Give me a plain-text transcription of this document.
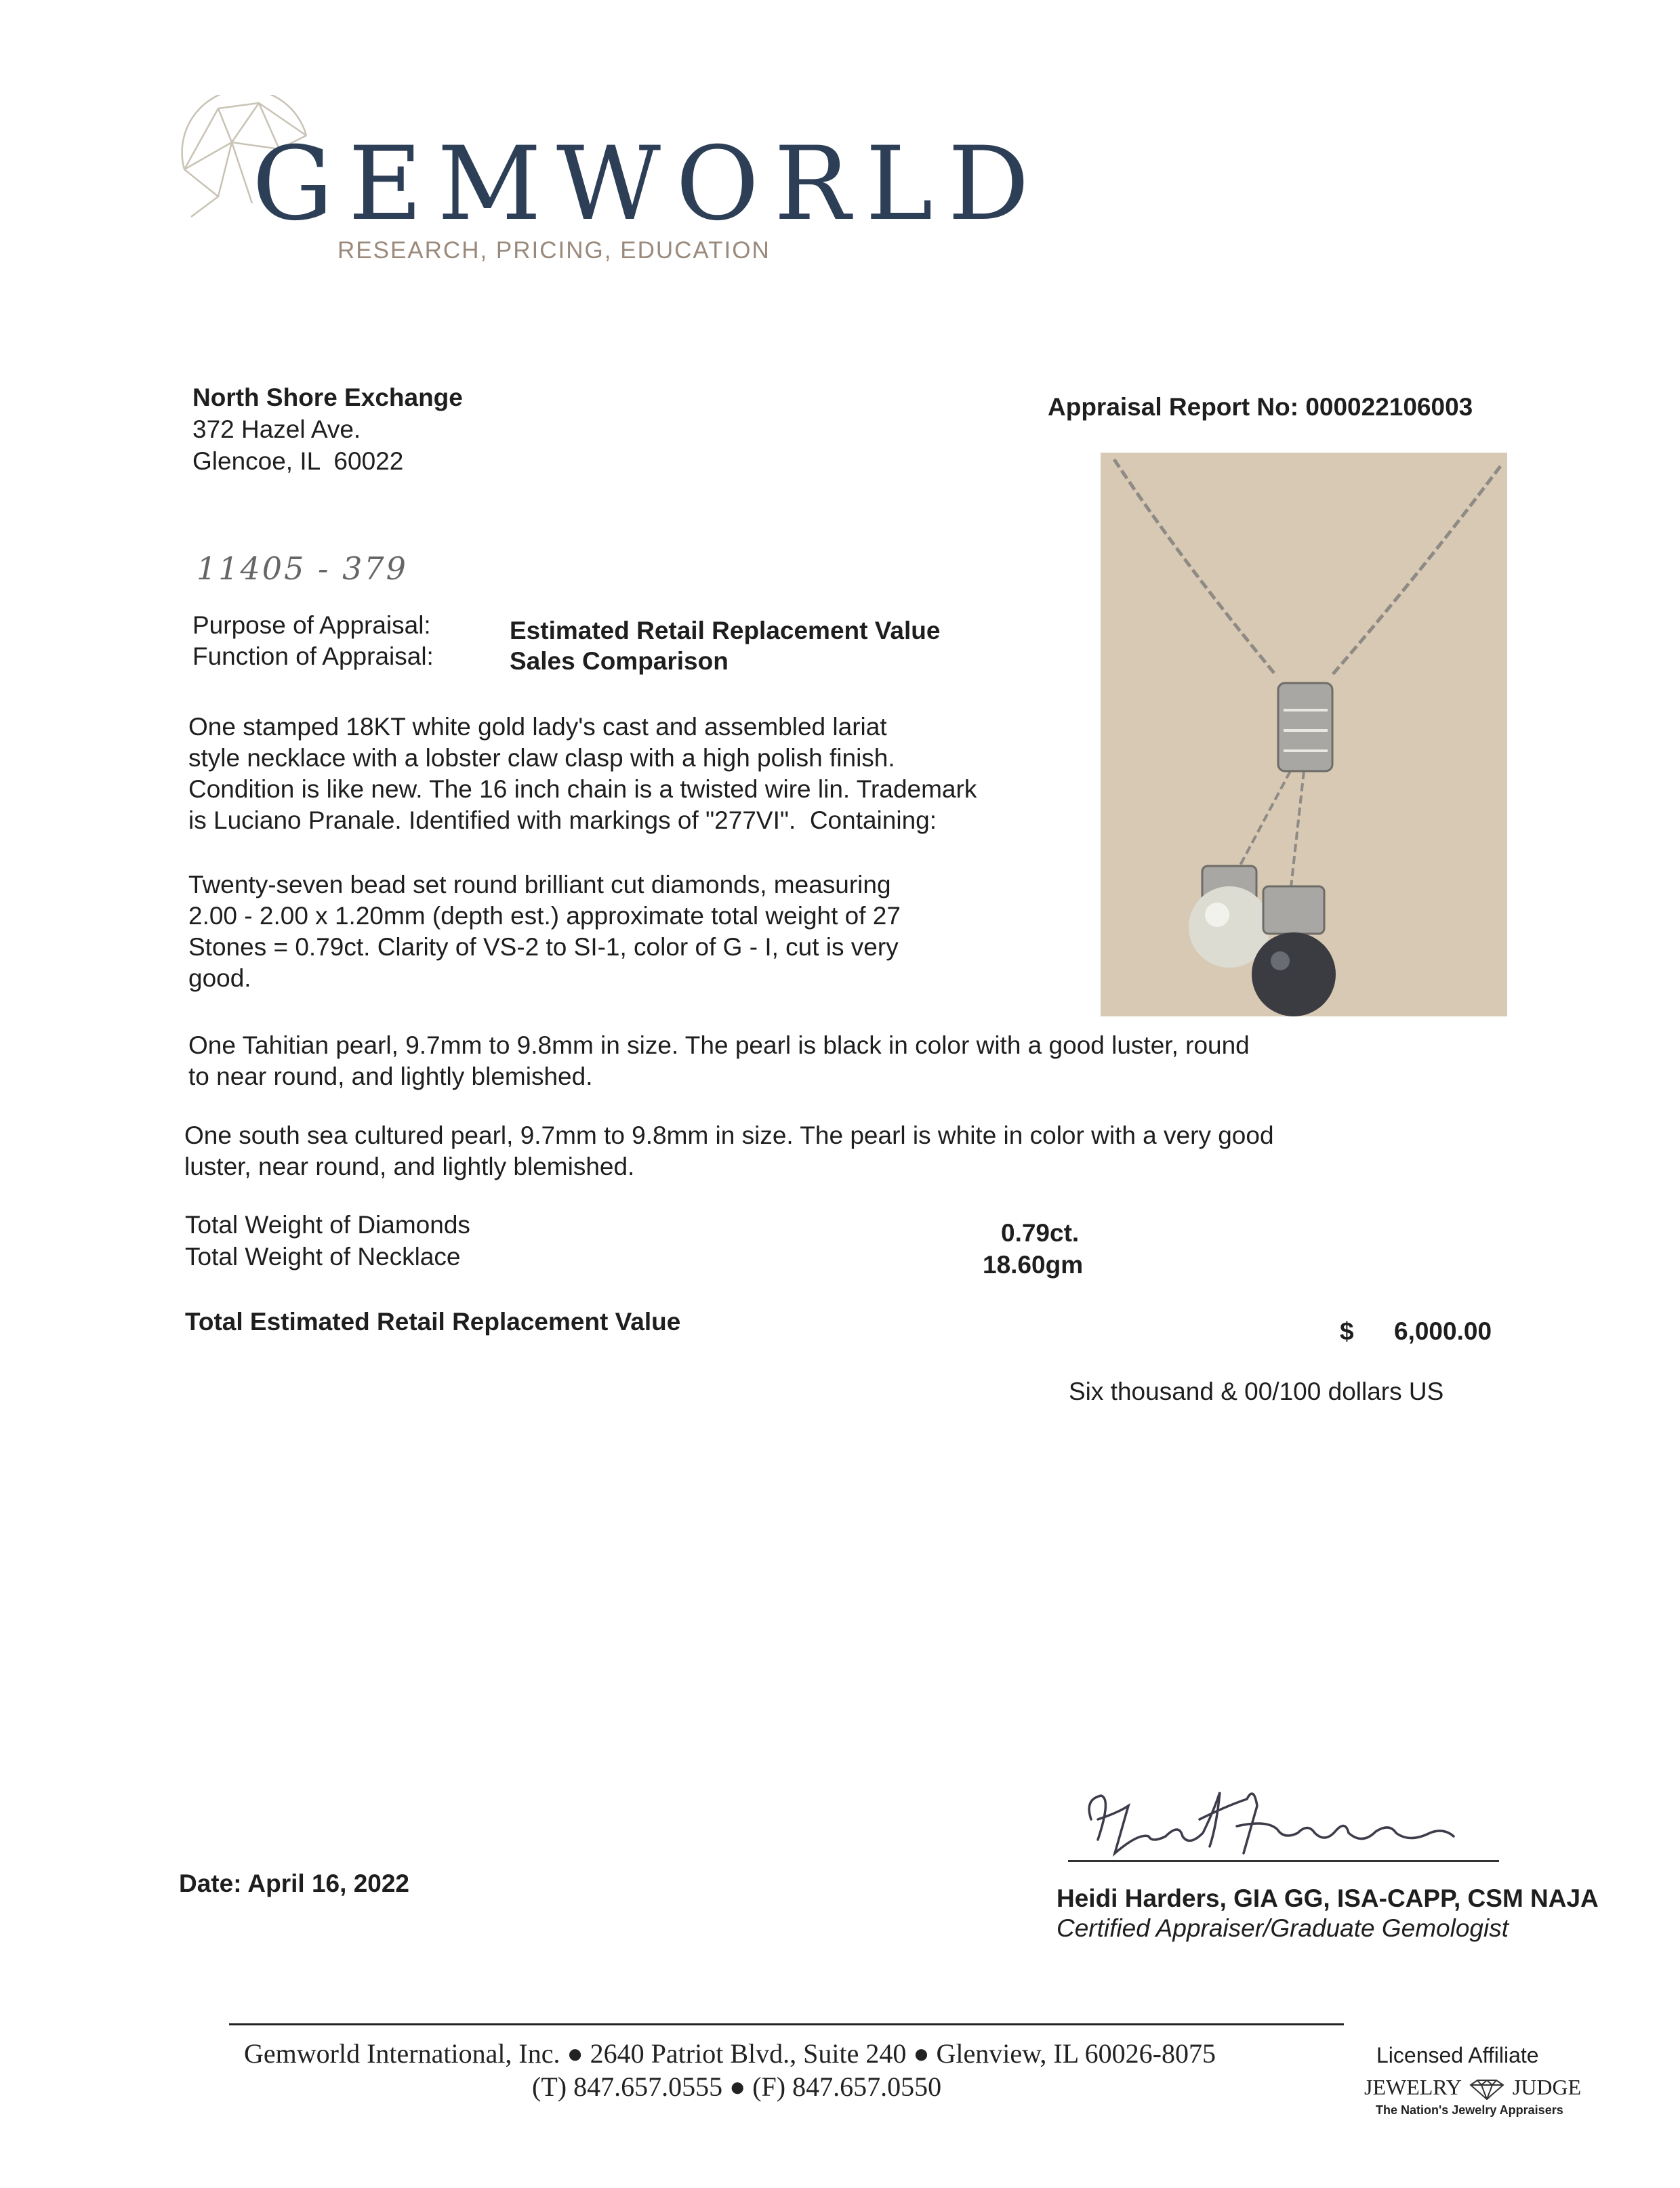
GEMWORLD
RESEARCH, PRICING, EDUCATION
North Shore Exchange
372 Hazel Ave.
Glencoe, IL  60022
Appraisal Report No: 000022106003
11405 - 379
Purpose of Appraisal:	Estimated Retail Replacement Value
Function of Appraisal:	Sales Comparison
One stamped 18KT white gold lady's cast and assembled lariat
style necklace with a lobster claw clasp with a high polish finish.
Condition is like new. The 16 inch chain is a twisted wire lin. Trademark
is Luciano Pranale. Identified with markings of "277VI".  Containing:
Twenty-seven bead set round brilliant cut diamonds, measuring
2.00 - 2.00 x 1.20mm (depth est.) approximate total weight of 27
Stones = 0.79ct. Clarity of VS-2 to SI-1, color of G - I, cut is very
good.
One Tahitian pearl, 9.7mm to 9.8mm in size. The pearl is black in color with a good luster, round
to near round, and lightly blemished.
One south sea cultured pearl, 9.7mm to 9.8mm in size. The pearl is white in color with a very good
luster, near round, and lightly blemished.
Total Weight of Diamonds	0.79ct.
Total Weight of Necklace	18.60gm
Total Estimated Retail Replacement Value	$ 6,000.00
Six thousand & 00/100 dollars US
Date: April 16, 2022
Heidi Harders, GIA GG, ISA-CAPP, CSM NAJA
Certified Appraiser/Graduate Gemologist
Gemworld International, Inc. ● 2640 Patriot Blvd., Suite 240 ● Glenview, IL 60026-8075
(T) 847.657.0555 ● (F) 847.657.0550
Licensed Affiliate
JEWELRY JUDGE
The Nation's Jewelry Appraisers
